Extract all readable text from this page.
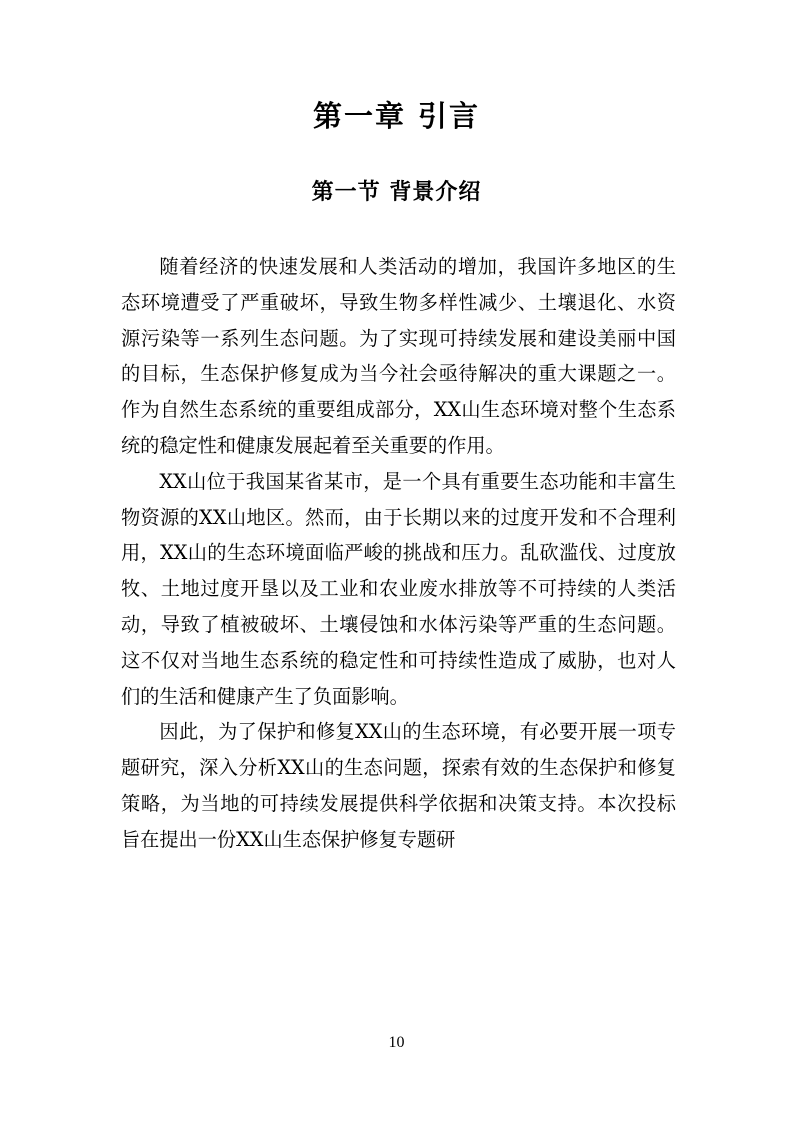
第一章 引言
第一节 背景介绍

随着经济的快速发展和人类活动的增加，我国许多地区的生态环境遭受了严重破坏，导致生物多样性减少、土壤退化、水资源污染等一系列生态问题。为了实现可持续发展和建设美丽中国的目标，生态保护修复成为当今社会亟待解决的重大课题之一。作为自然生态系统的重要组成部分，XX山生态环境对整个生态系统的稳定性和健康发展起着至关重要的作用。

XX山位于我国某省某市，是一个具有重要生态功能和丰富生物资源的XX山地区。然而，由于长期以来的过度开发和不合理利用，XX山的生态环境面临严峻的挑战和压力。乱砍滥伐、过度放牧、土地过度开垦以及工业和农业废水排放等不可持续的人类活动，导致了植被破坏、土壤侵蚀和水体污染等严重的生态问题。这不仅对当地生态系统的稳定性和可持续性造成了威胁，也对人们的生活和健康产生了负面影响。

因此，为了保护和修复XX山的生态环境，有必要开展一项专题研究，深入分析XX山的生态问题，探索有效的生态保护和修复策略，为当地的可持续发展提供科学依据和决策支持。本次投标旨在提出一份XX山生态保护修复专题研

10
